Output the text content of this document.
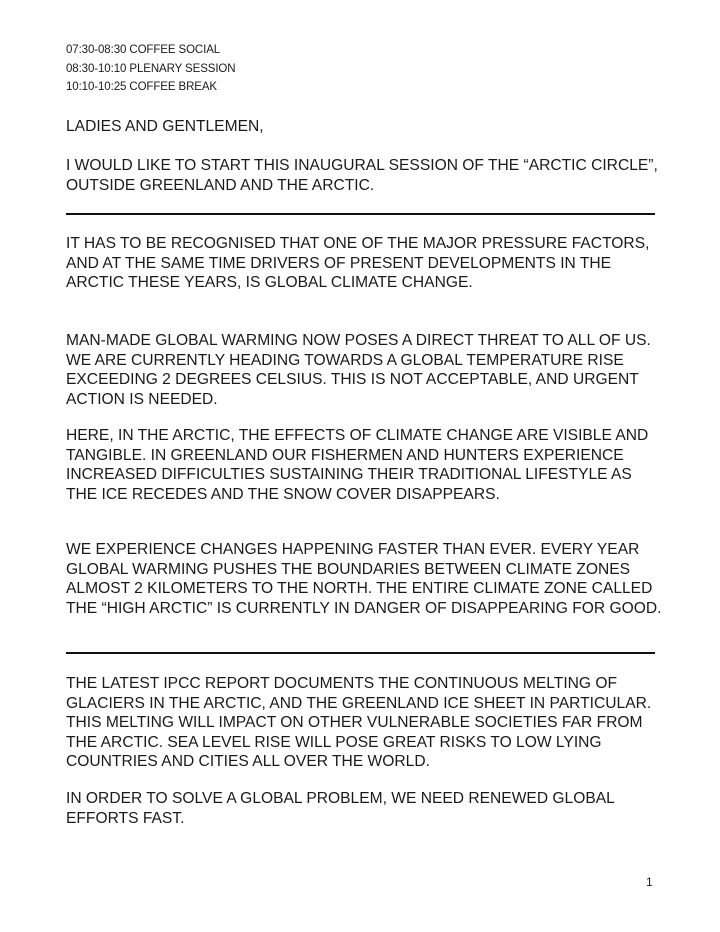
07:30-08:30 COFFEE SOCIAL
08:30-10:10 PLENARY SESSION
10:10-10:25 COFFEE BREAK

LADIES AND GENTLEMEN,

I WOULD LIKE TO START THIS INAUGURAL SESSION OF THE “ARCTIC CIRCLE”, OUTSIDE GREENLAND AND THE ARCTIC.

IT HAS TO BE RECOGNISED THAT ONE OF THE MAJOR PRESSURE FACTORS, AND AT THE SAME TIME DRIVERS OF PRESENT DEVELOPMENTS IN THE ARCTIC THESE YEARS, IS GLOBAL CLIMATE CHANGE.

MAN-MADE GLOBAL WARMING NOW POSES A DIRECT THREAT TO ALL OF US. WE ARE CURRENTLY HEADING TOWARDS A GLOBAL TEMPERATURE RISE EXCEEDING 2 DEGREES CELSIUS. THIS IS NOT ACCEPTABLE, AND URGENT ACTION IS NEEDED.

HERE, IN THE ARCTIC, THE EFFECTS OF CLIMATE CHANGE ARE VISIBLE AND TANGIBLE. IN GREENLAND OUR FISHERMEN AND HUNTERS EXPERIENCE INCREASED DIFFICULTIES SUSTAINING THEIR TRADITIONAL LIFESTYLE AS THE ICE RECEDES AND THE SNOW COVER DISAPPEARS.

WE EXPERIENCE CHANGES HAPPENING FASTER THAN EVER. EVERY YEAR GLOBAL WARMING PUSHES THE BOUNDARIES BETWEEN CLIMATE ZONES ALMOST 2 KILOMETERS TO THE NORTH. THE ENTIRE CLIMATE ZONE CALLED THE “HIGH ARCTIC” IS CURRENTLY IN DANGER OF DISAPPEARING FOR GOOD.

THE LATEST IPCC REPORT DOCUMENTS THE CONTINUOUS MELTING OF GLACIERS IN THE ARCTIC, AND THE GREENLAND ICE SHEET IN PARTICULAR. THIS MELTING WILL IMPACT ON OTHER VULNERABLE SOCIETIES FAR FROM THE ARCTIC. SEA LEVEL RISE WILL POSE GREAT RISKS TO LOW LYING COUNTRIES AND CITIES ALL OVER THE WORLD.

IN ORDER TO SOLVE A GLOBAL PROBLEM, WE NEED RENEWED GLOBAL EFFORTS FAST.

1
